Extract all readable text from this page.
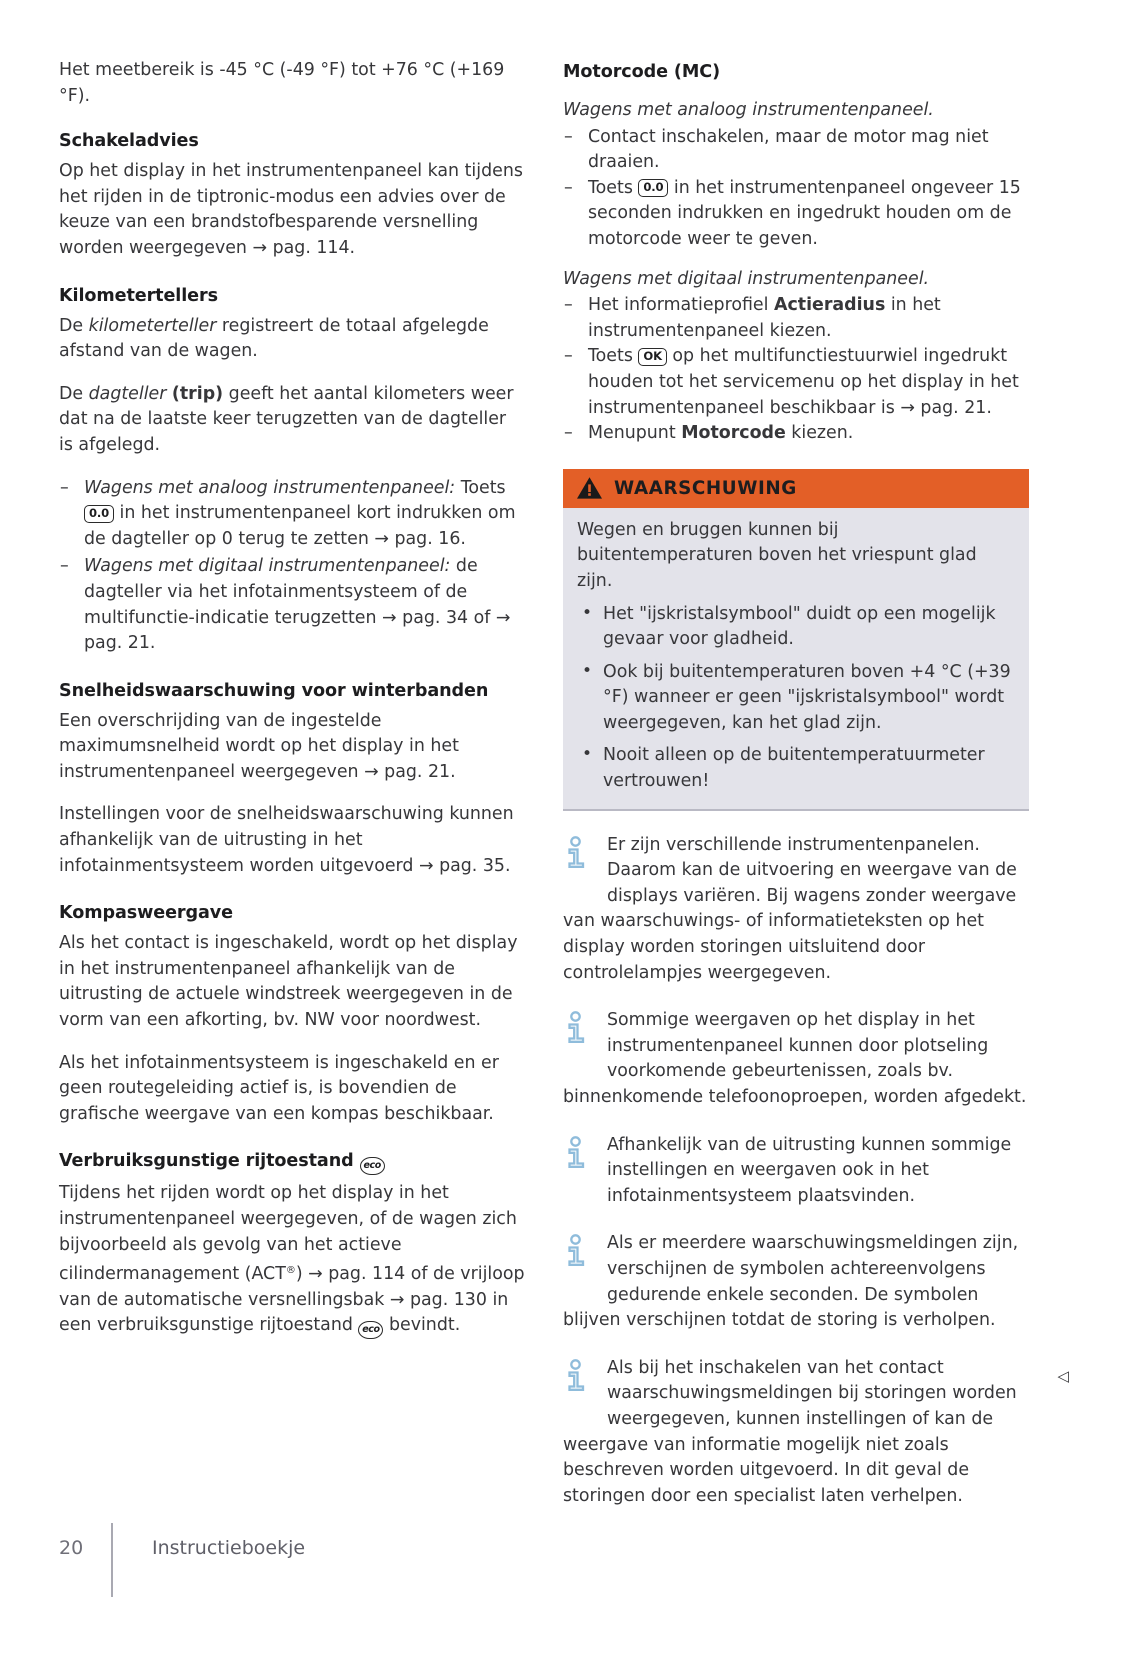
Het meetbereik is -45 °C (-49 °F) tot +76 °C (+169 °F).

Schakeladvies

Op het display in het instrumentenpaneel kan tijdens het rijden in de tiptronic-modus een advies over de keuze van een brandstofbesparende versnelling worden weergegeven → pag. 114.

Kilometertellers

De kilometerteller registreert de totaal afgelegde afstand van de wagen.

De dagteller (trip) geeft het aantal kilometers weer dat na de laatste keer terugzetten van de dagteller is afgelegd.

– Wagens met analoog instrumentenpaneel: Toets 0.0 in het instrumentenpaneel kort indrukken om de dagteller op 0 terug te zetten → pag. 16.
– Wagens met digitaal instrumentenpaneel: de dagteller via het infotainmentsysteem of de multifunctie-indicatie terugzetten → pag. 34 of → pag. 21.
Snelheidswaarschuwing voor winterbanden

Een overschrijding van de ingestelde maximumsnelheid wordt op het display in het instrumentenpaneel weergegeven → pag. 21.

Instellingen voor de snelheidswaarschuwing kunnen afhankelijk van de uitrusting in het infotainmentsysteem worden uitgevoerd → pag. 35.

Kompasweergave

Als het contact is ingeschakeld, wordt op het display in het instrumentenpaneel afhankelijk van de uitrusting de actuele windstreek weergegeven in de vorm van een afkorting, bv. NW voor noordwest.

Als het infotainmentsysteem is ingeschakeld en er geen routegeleiding actief is, is bovendien de grafische weergave van een kompas beschikbaar.

Verbruiksgunstige rijtoestand eco

Tijdens het rijden wordt op het display in het instrumentenpaneel weergegeven, of de wagen zich bijvoorbeeld als gevolg van het actieve cilindermanagement (ACT®) → pag. 114 of de vrijloop van de automatische versnellingsbak → pag. 130 in een verbruiksgunstige rijtoestand eco bevindt.

Motorcode (MC)

Wagens met analoog instrumentenpaneel.

– Contact inschakelen, maar de motor mag niet draaien.
– Toets 0.0 in het instrumentenpaneel ongeveer 15 seconden indrukken en ingedrukt houden om de motorcode weer te geven.

Wagens met digitaal instrumentenpaneel.

– Het informatieprofiel Actieradius in het instrumentenpaneel kiezen.
– Toets OK op het multifunctiestuurwiel ingedrukt houden tot het servicemenu op het display in het instrumentenpaneel beschikbaar is → pag. 21.
– Menupunt Motorcode kiezen.
WAARSCHUWING

Wegen en bruggen kunnen bij buitentemperaturen boven het vriespunt glad zijn.

• Het "ijskristalsymbool" duidt op een mogelijk gevaar voor gladheid.
• Ook bij buitentemperaturen boven +4 °C (+39 °F) wanneer er geen "ijskristalsymbool" wordt weergegeven, kan het glad zijn.
• Nooit alleen op de buitentemperatuurmeter vertrouwen!
Er zijn verschillende instrumentenpanelen. Daarom kan de uitvoering en weergave van de displays variëren. Bij wagens zonder weergave van waarschuwings- of informatieteksten op het display worden storingen uitsluitend door controlelampjes weergegeven.
Sommige weergaven op het display in het instrumentenpaneel kunnen door plotseling voorkomende gebeurtenissen, zoals bv. binnenkomende telefoonoproepen, worden afgedekt.
Afhankelijk van de uitrusting kunnen sommige instellingen en weergaven ook in het infotainmentsysteem plaatsvinden.
Als er meerdere waarschuwingsmeldingen zijn, verschijnen de symbolen achtereenvolgens gedurende enkele seconden. De symbolen blijven verschijnen totdat de storing is verholpen.
Als bij het inschakelen van het contact waarschuwingsmeldingen bij storingen worden weergegeven, kunnen instellingen of kan de weergave van informatie mogelijk niet zoals beschreven worden uitgevoerd. In dit geval de storingen door een specialist laten verhelpen.
◁
20	Instructieboekje
